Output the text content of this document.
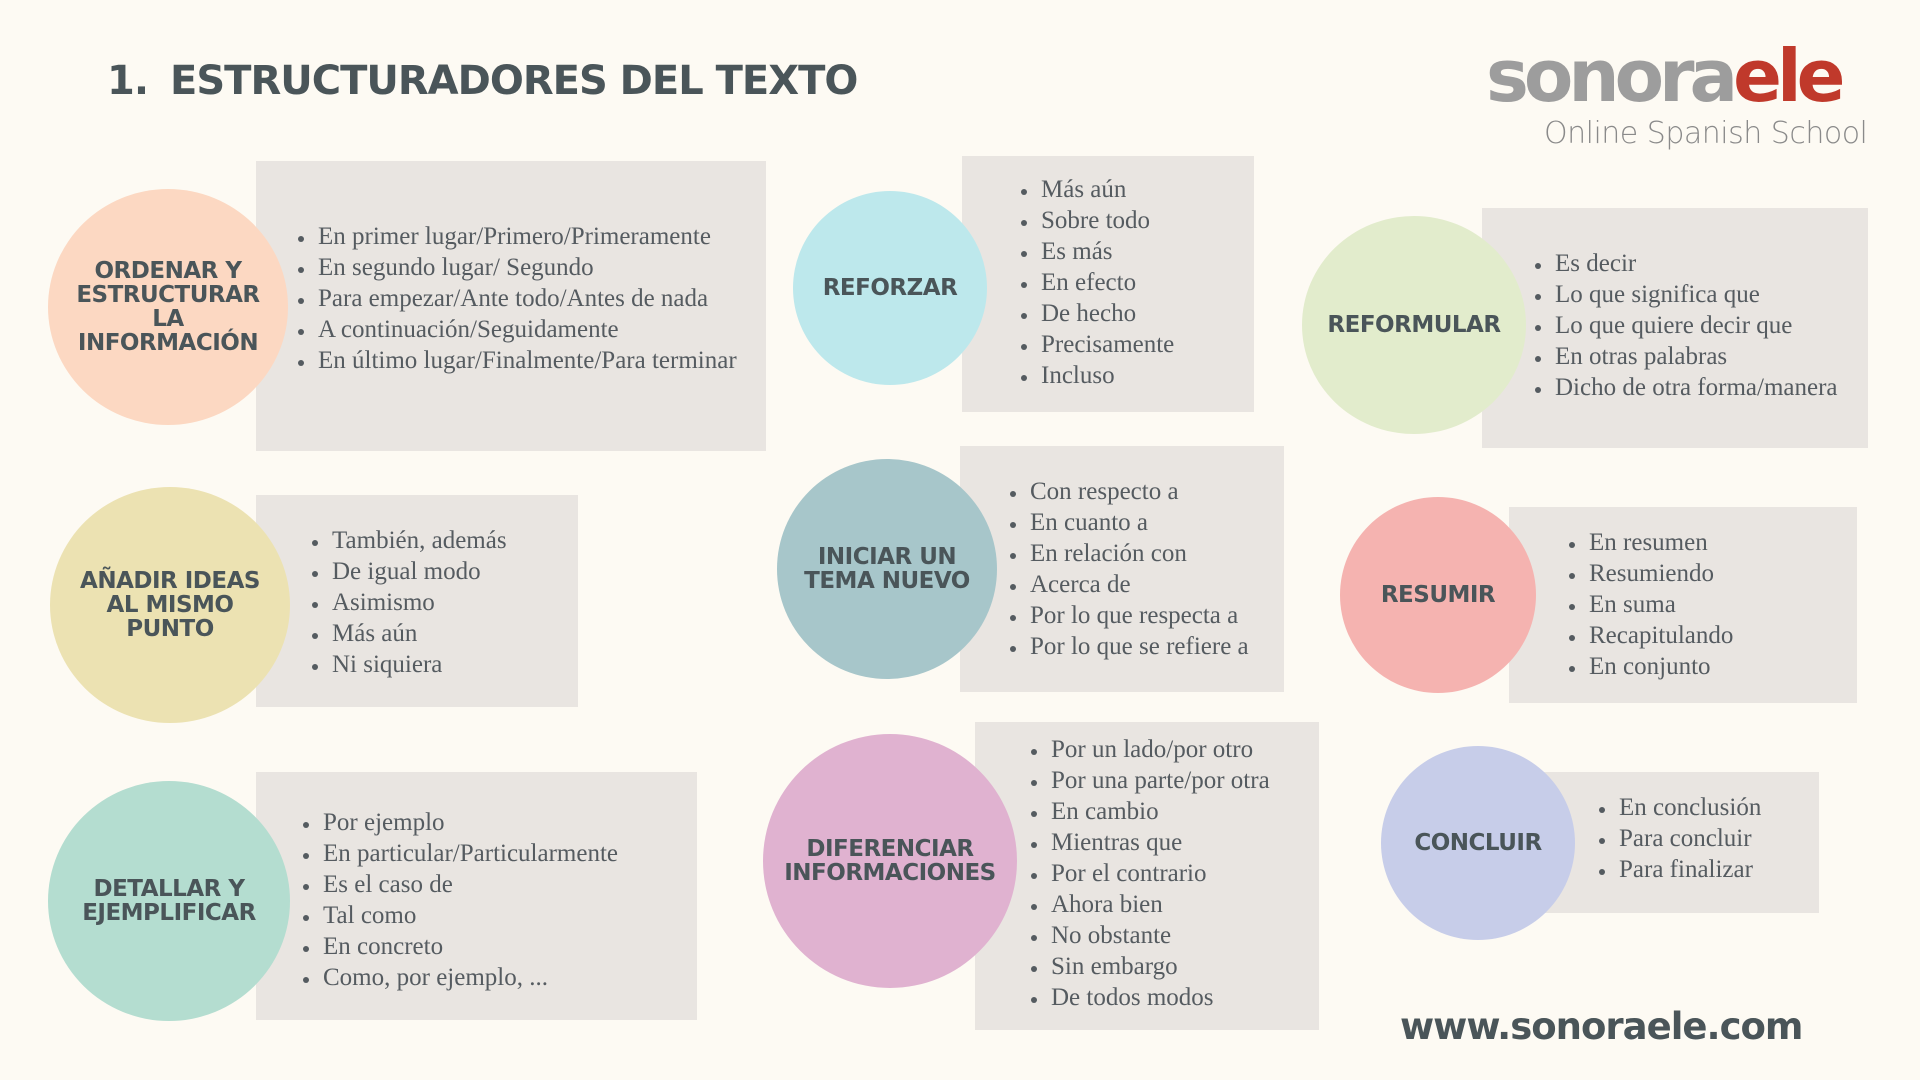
1. ESTRUCTURADORES DEL TEXTO	sonoraele
Online Spanish School
• En primer lugar/Primero/Primeramente
• En segundo lugar/ Segundo
• Para empezar/Ante todo/Antes de nada
• A continuación/Seguidamente
• En último lugar/Finalmente/Para terminar
ORDENAR Y ESTRUCTURAR LA INFORMACIÓN
• También, además
• De igual modo
• Asimismo
• Más aún
• Ni siquiera
AÑADIR IDEAS AL MISMO PUNTO
• Por ejemplo
• En particular/Particularmente
• Es el caso de
• Tal como
• En concreto
• Como, por ejemplo, ...
DETALLAR Y EJEMPLIFICAR
• Más aún
• Sobre todo
• Es más
• En efecto
• De hecho
• Precisamente
• Incluso
REFORZAR
• Con respecto a
• En cuanto a
• En relación con
• Acerca de
• Por lo que respecta a
• Por lo que se refiere a
INICIAR UN TEMA NUEVO
• Por un lado/por otro
• Por una parte/por otra
• En cambio
• Mientras que
• Por el contrario
• Ahora bien
• No obstante
• Sin embargo
• De todos modos
DIFERENCIAR INFORMACIONES
• Es decir
• Lo que significa que
• Lo que quiere decir que
• En otras palabras
• Dicho de otra forma/manera
REFORMULAR
• En resumen
• Resumiendo
• En suma
• Recapitulando
• En conjunto
RESUMIR
• En conclusión
• Para concluir
• Para finalizar
CONCLUIR
www.sonoraele.com
